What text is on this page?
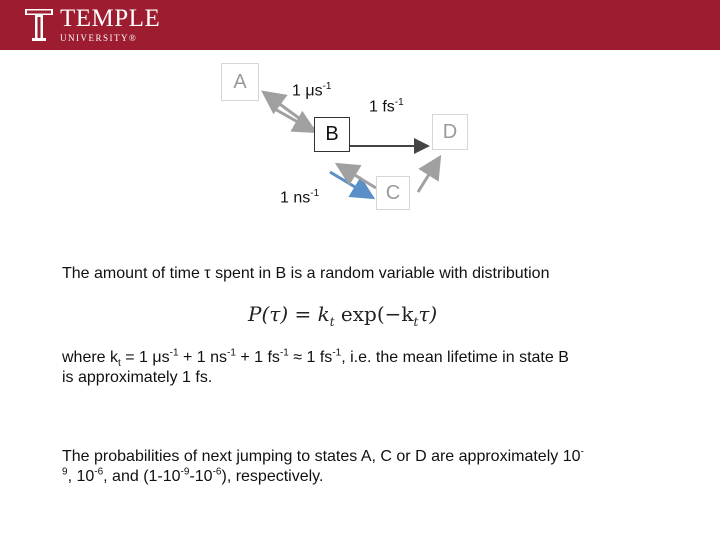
TEMPLE
UNIVERSITY®
A
B
C
D
1 $\mu s^{-1}$
1 $fs^{-1}$
1 $ns^{-1}$
The amount of time τ spent in B is a random variable with distribution
$P(\tau) = k_t$ $\exp(-k_t\tau)$
where $k_t = 1$ $\mu s^{-1} + 1$ $ns^{-1} + 1$ $fs^{-1} \approx 1$ $fs^{-1}$, i.e. the mean lifetime in state B
is approximately 1 fs.
The probabilities of next jumping to states A, C or D are approximately 10-
$^9$, $10^{-6}$, and $(1-10^{-9}-10^{-6})$, respectively.
